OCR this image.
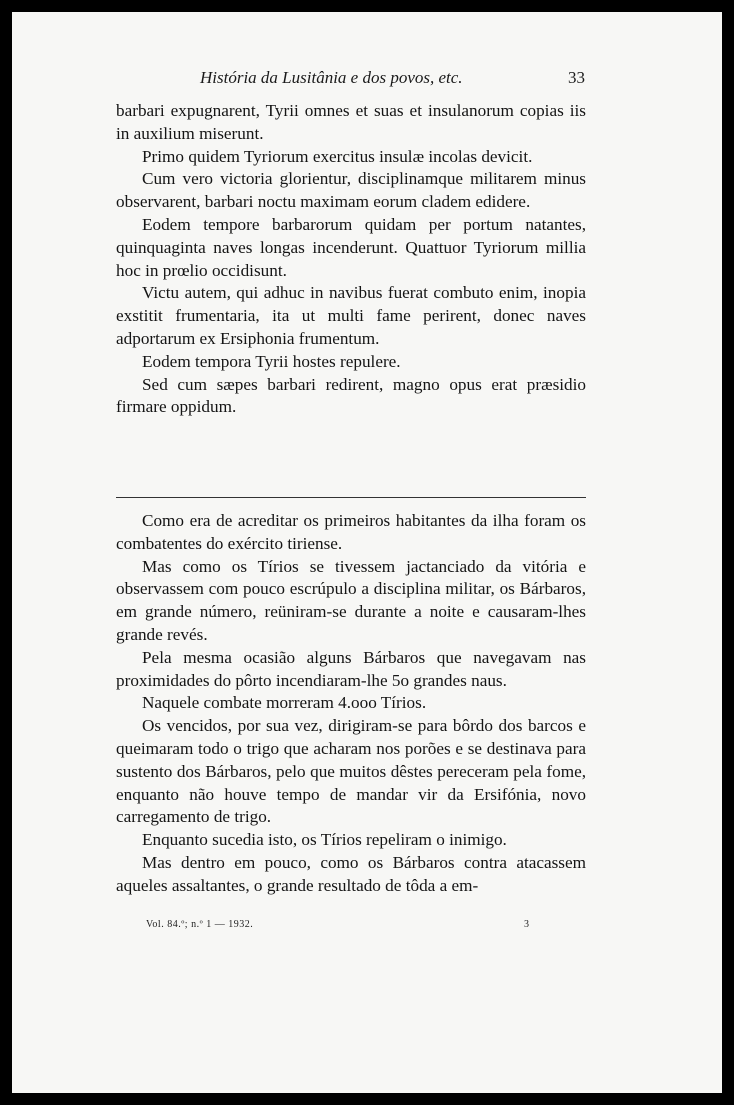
História da Lusitânia e dos povos, etc.	33

barbari expugnarent, Tyrii omnes et suas et insulanorum copias iis in auxilium miserunt.

Primo quidem Tyriorum exercitus insulæ incolas devicit.

Cum vero victoria glorientur, disciplinamque militarem minus observarent, barbari noctu maximam eorum cladem edidere.

Eodem tempore barbarorum quidam per portum natantes, quinquaginta naves longas incenderunt. Quattuor Tyriorum millia hoc in prœlio occidisunt.

Victu autem, qui adhuc in navibus fuerat combuto enim, inopia exstitit frumentaria, ita ut multi fame perirent, donec naves adportarum ex Ersiphonia frumentum.

Eodem tempora Tyrii hostes repulere.

Sed cum sæpes barbari redirent, magno opus erat præsidio firmare oppidum.

Como era de acreditar os primeiros habitantes da ilha foram os combatentes do exército tiriense.

Mas como os Tírios se tivessem jactanciado da vitória e observassem com pouco escrúpulo a disciplina militar, os Bárbaros, em grande número, reüniram-se durante a noite e causaram-lhes grande revés.

Pela mesma ocasião alguns Bárbaros que navegavam nas proximidades do pôrto incendiaram-lhe 5o grandes naus.

Naquele combate morreram 4.ooo Tírios.

Os vencidos, por sua vez, dirigiram-se para bôrdo dos barcos e queimaram todo o trigo que acharam nos porões e se destinava para sustento dos Bárbaros, pelo que muitos dêstes pereceram pela fome, enquanto não houve tempo de mandar vir da Ersifónia, novo carregamento de trigo.

Enquanto sucedia isto, os Tírios repeliram o inimigo.

Mas dentro em pouco, como os Bárbaros contra atacassem aqueles assaltantes, o grande resultado de tôda a em-

Vol. 84.º; n.º 1 — 1932.	3
